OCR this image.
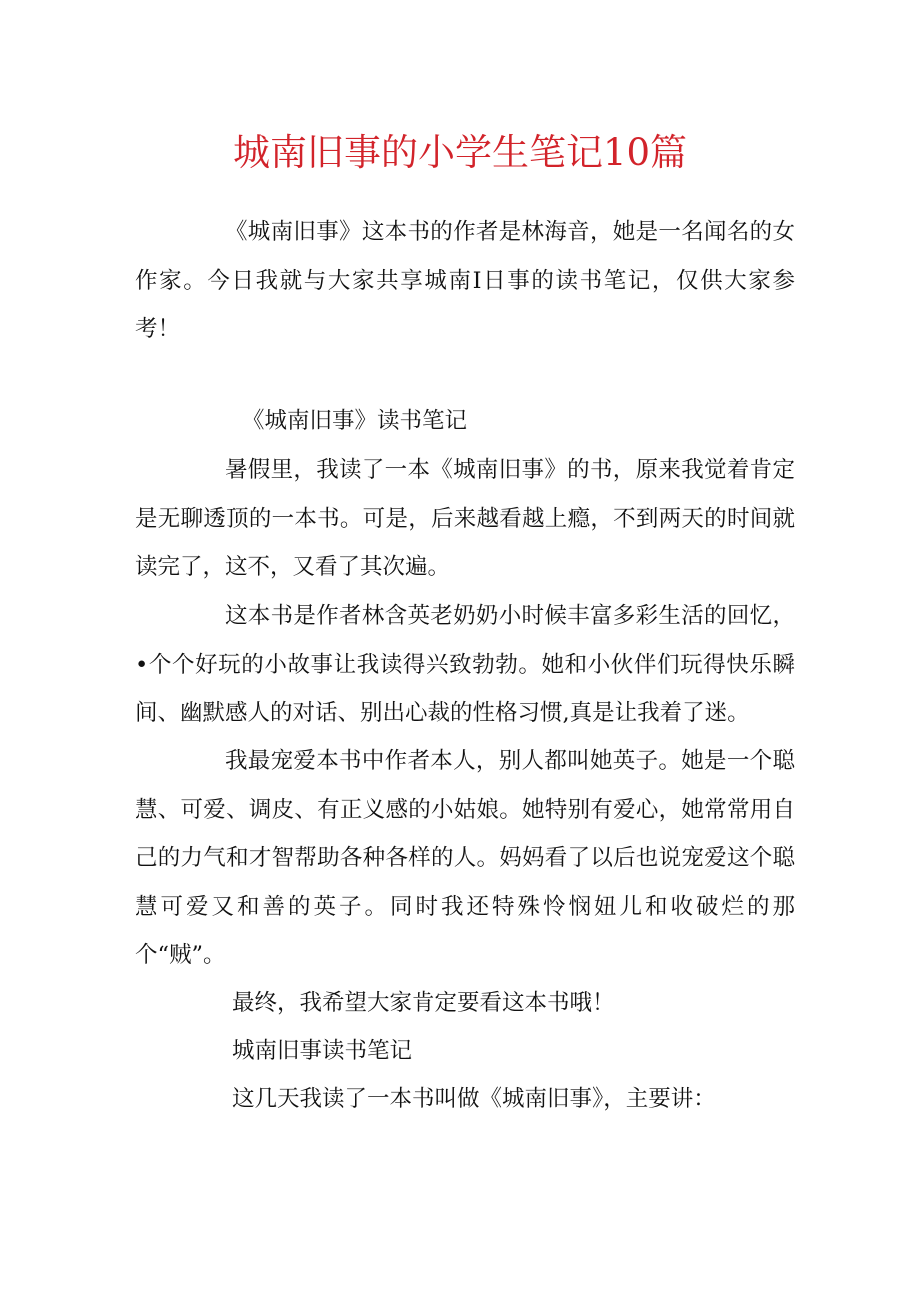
城南旧事的小学生笔记10篇

《城南旧事》这本书的作者是林海音，她是一名闻名的女作家。今日我就与大家共享城南I日事的读书笔记，仅供大家参考！

《城南旧事》读书笔记

暑假里，我读了一本《城南旧事》的书，原来我觉着肯定是无聊透顶的一本书。可是，后来越看越上瘾，不到两天的时间就读完了，这不，又看了其次遍。

这本书是作者林含英老奶奶小时候丰富多彩生活的回忆，•个个好玩的小故事让我读得兴致勃勃。她和小伙伴们玩得快乐瞬间、幽默感人的对话、别出心裁的性格习惯,真是让我着了迷。

我最宠爱本书中作者本人，别人都叫她英子。她是一个聪慧、可爱、调皮、有正义感的小姑娘。她特别有爱心，她常常用自己的力气和才智帮助各种各样的人。妈妈看了以后也说宠爱这个聪慧可爱又和善的英子。同时我还特殊怜悯妞儿和收破烂的那个“贼”。

最终，我希望大家肯定要看这本书哦！

城南旧事读书笔记

这几天我读了一本书叫做《城南旧事》，主要讲：
